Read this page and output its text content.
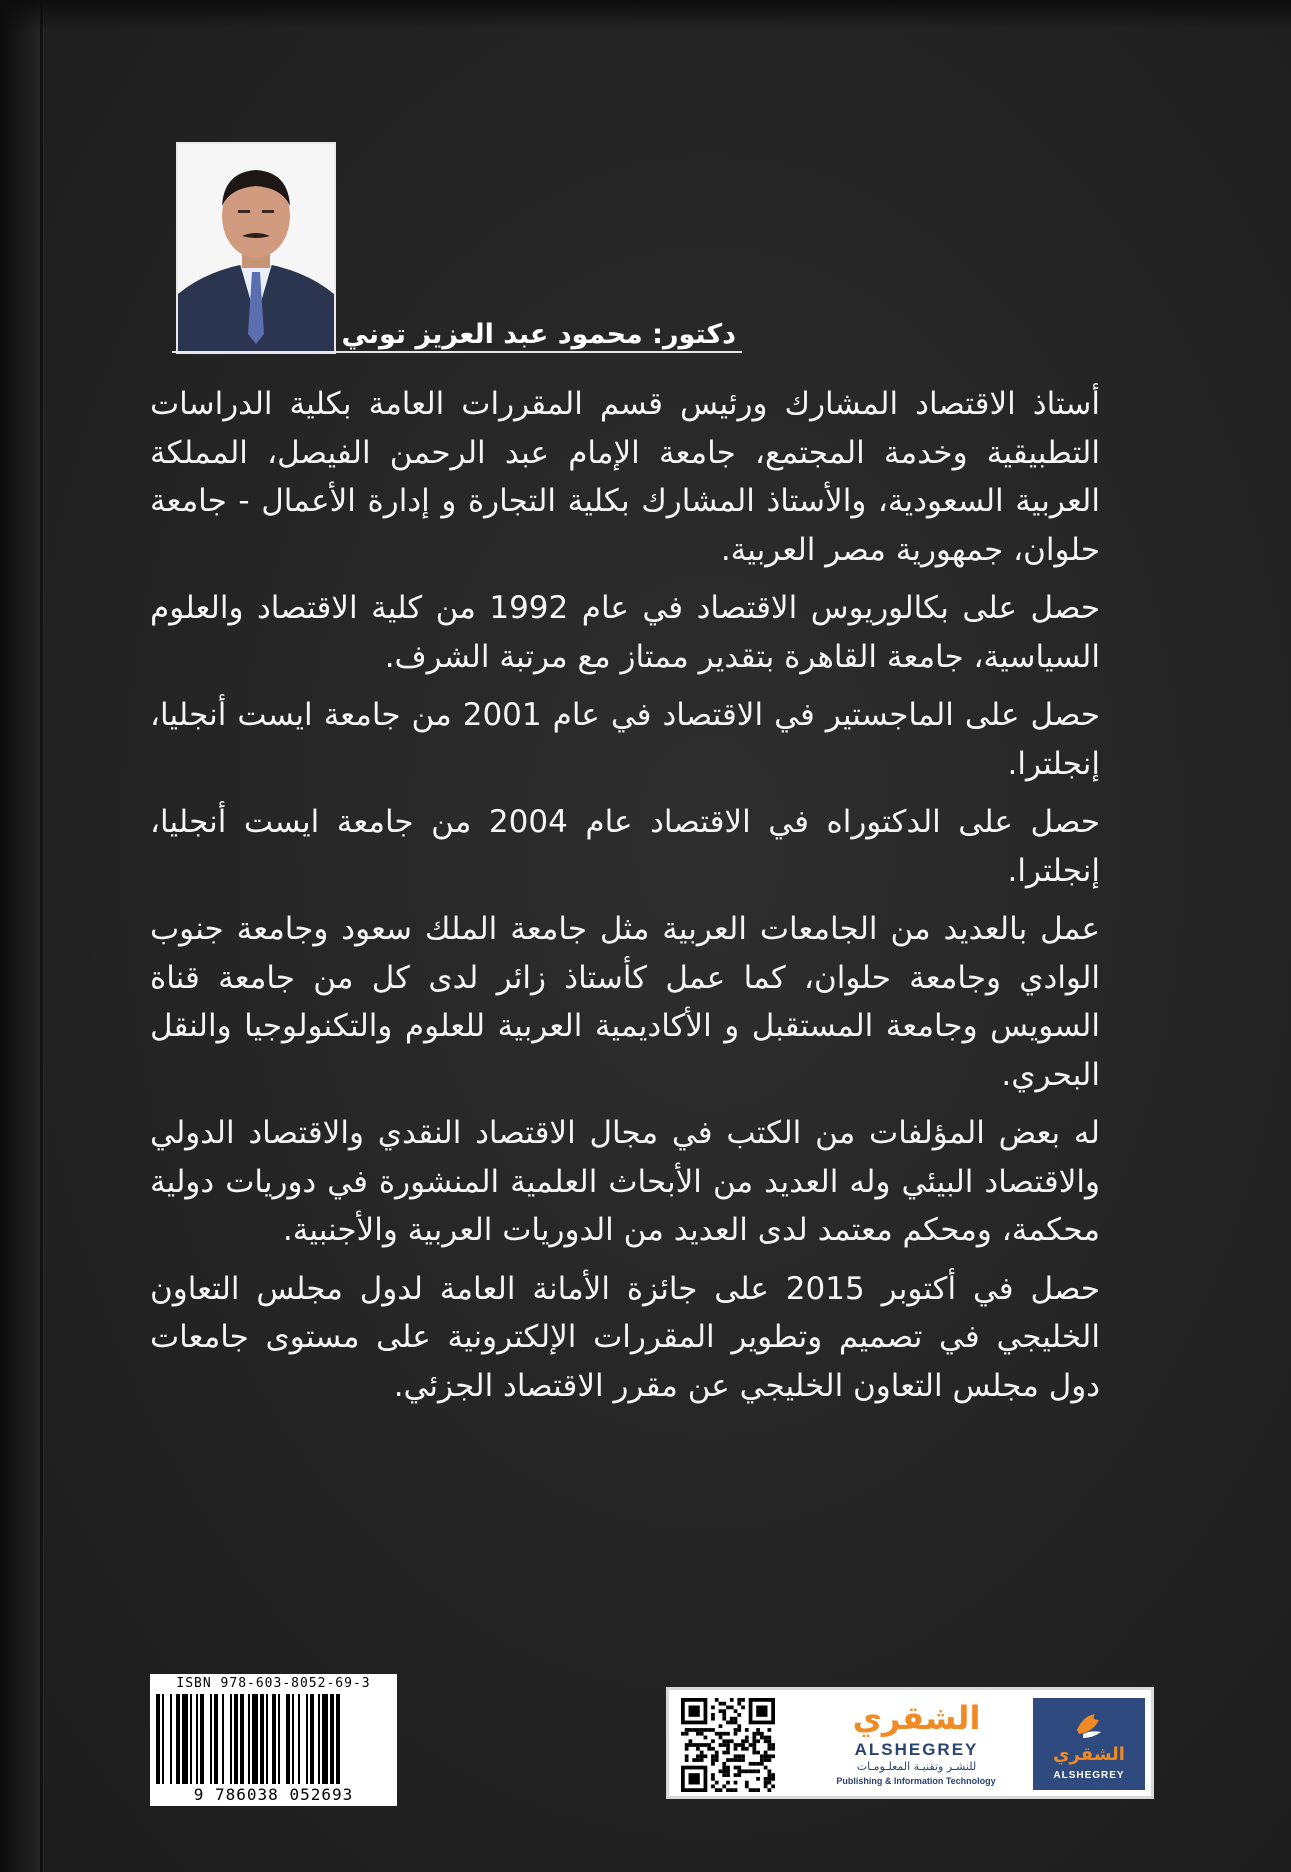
دكتور: محمود عبد العزيز توني

أستاذ الاقتصاد المشارك ورئيس قسم المقررات العامة بكلية الدراسات التطبيقية وخدمة المجتمع، جامعة الإمام عبد الرحمن الفيصل، المملكة العربية السعودية، والأستاذ المشارك بكلية التجارة و إدارة الأعمال - جامعة حلوان، جمهورية مصر العربية.

حصل على بكالوريوس الاقتصاد في عام 1992 من كلية الاقتصاد والعلوم السياسية، جامعة القاهرة بتقدير ممتاز مع مرتبة الشرف.

حصل على الماجستير في الاقتصاد في عام 2001 من جامعة ايست أنجليا، إنجلترا.

حصل على الدكتوراه في الاقتصاد عام 2004 من جامعة ايست أنجليا، إنجلترا.

عمل بالعديد من الجامعات العربية مثل جامعة الملك سعود وجامعة جنوب الوادي وجامعة حلوان، كما عمل كأستاذ زائر لدى كل من جامعة قناة السويس وجامعة المستقبل و الأكاديمية العربية للعلوم والتكنولوجيا والنقل البحري.

له بعض المؤلفات من الكتب في مجال الاقتصاد النقدي والاقتصاد الدولي والاقتصاد البيئي وله العديد من الأبحاث العلمية المنشورة في دوريات دولية محكمة، ومحكم معتمد لدى العديد من الدوريات العربية والأجنبية.

حصل في أكتوبر 2015 على جائزة الأمانة العامة لدول مجلس التعاون الخليجي في تصميم وتطوير المقررات الإلكترونية على مستوى جامعات دول مجلس التعاون الخليجي عن مقرر الاقتصاد الجزئي.

ISBN 978-603-8052-69-3
9 786038 052693
الشقري
ALSHEGREY
للنشـر وتقنيـة المعلـومـات
Publishing & Information Technology
الشقري
ALSHEGREY
